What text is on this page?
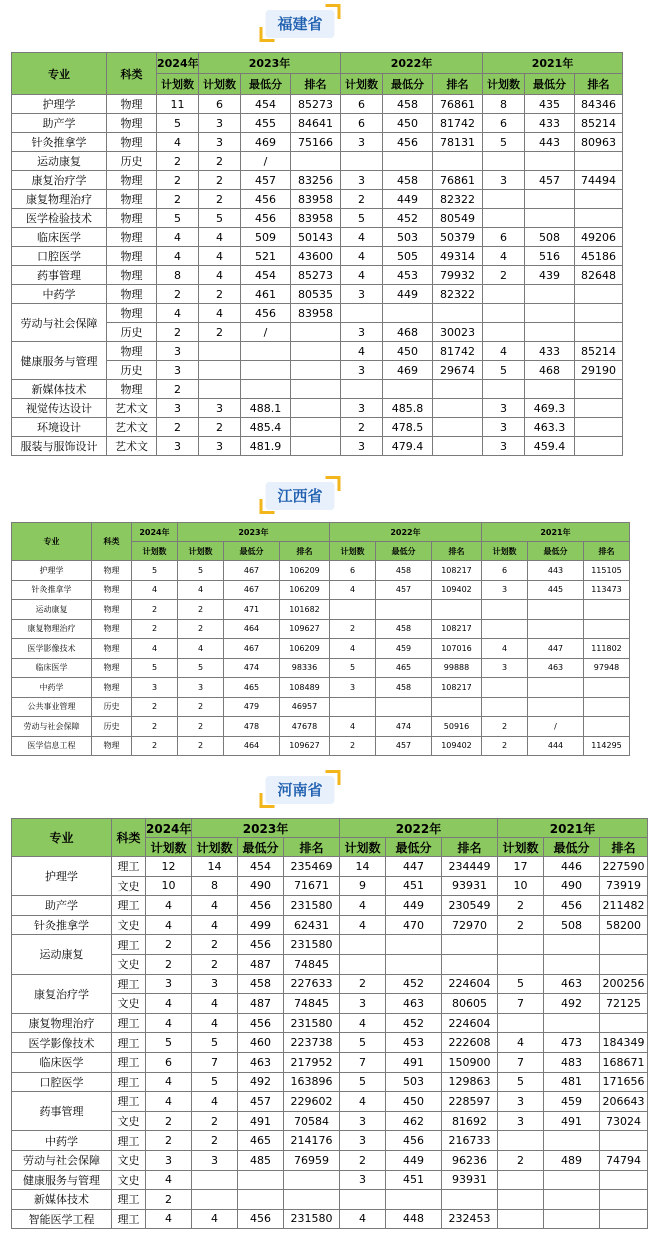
福建省
专业	科类	2024年	2023年			2022年			2021年		
		计划数	计划数	最低分	排名	计划数	最低分	排名	计划数	最低分	排名
护理学	物理	11	6	454	85273	6	458	76861	8	435	84346
助产学	物理	5	3	455	84641	6	450	81742	6	433	85214
针灸推拿学	物理	4	3	469	75166	3	456	78131	5	443	80963
运动康复	历史	2	2	/							
康复治疗学	物理	2	2	457	83256	3	458	76861	3	457	74494
康复物理治疗	物理	2	2	456	83958	2	449	82322			
医学检验技术	物理	5	5	456	83958	5	452	80549			
临床医学	物理	4	4	509	50143	4	503	50379	6	508	49206
口腔医学	物理	4	4	521	43600	4	505	49314	4	516	45186
药事管理	物理	8	4	454	85273	4	453	79932	2	439	82648
中药学	物理	2	2	461	80535	3	449	82322			
劳动与社会保障	物理	4	4	456	83958						
	历史	2	2	/		3	468	30023			
健康服务与管理	物理	3				4	450	81742	4	433	85214
	历史	3				3	469	29674	5	468	29190
新媒体技术	物理	2									
视觉传达设计	艺术文	3	3	488.1		3	485.8		3	469.3	
环境设计	艺术文	2	2	485.4		2	478.5		3	463.3	
服装与服饰设计	艺术文	3	3	481.9		3	479.4		3	459.4	
江西省
专业	科类	2024年	2023年			2022年			2021年		
		计划数	计划数	最低分	排名	计划数	最低分	排名	计划数	最低分	排名
护理学	物理	5	5	467	106209	6	458	108217	6	443	115105
针灸推拿学	物理	4	4	467	106209	4	457	109402	3	445	113473
运动康复	物理	2	2	471	101682						
康复物理治疗	物理	2	2	464	109627	2	458	108217			
医学影像技术	物理	4	4	467	106209	4	459	107016	4	447	111802
临床医学	物理	5	5	474	98336	5	465	99888	3	463	97948
中药学	物理	3	3	465	108489	3	458	108217			
公共事业管理	历史	2	2	479	46957						
劳动与社会保障	历史	2	2	478	47678	4	474	50916	2	/	
医学信息工程	物理	2	2	464	109627	2	457	109402	2	444	114295
河南省
专业	科类	2024年	2023年			2022年			2021年		
		计划数	计划数	最低分	排名	计划数	最低分	排名	计划数	最低分	排名
护理学	理工	12	14	454	235469	14	447	234449	17	446	227590
	文史	10	8	490	71671	9	451	93931	10	490	73919
助产学	理工	4	4	456	231580	4	449	230549	2	456	211482
针灸推拿学	文史	4	4	499	62431	4	470	72970	2	508	58200
运动康复	理工	2	2	456	231580						
	文史	2	2	487	74845						
康复治疗学	理工	3	3	458	227633	2	452	224604	5	463	200256
	文史	4	4	487	74845	3	463	80605	7	492	72125
康复物理治疗	理工	4	4	456	231580	4	452	224604			
医学影像技术	理工	5	5	460	223738	5	453	222608	4	473	184349
临床医学	理工	6	7	463	217952	7	491	150900	7	483	168671
口腔医学	理工	4	5	492	163896	5	503	129863	5	481	171656
药事管理	理工	4	4	457	229602	4	450	228597	3	459	206643
	文史	2	2	491	70584	3	462	81692	3	491	73024
中药学	理工	2	2	465	214176	3	456	216733			
劳动与社会保障	文史	3	3	485	76959	2	449	96236	2	489	74794
健康服务与管理	文史	4				3	451	93931			
新媒体技术	理工	2									
智能医学工程	理工	4	4	456	231580	4	448	232453			
